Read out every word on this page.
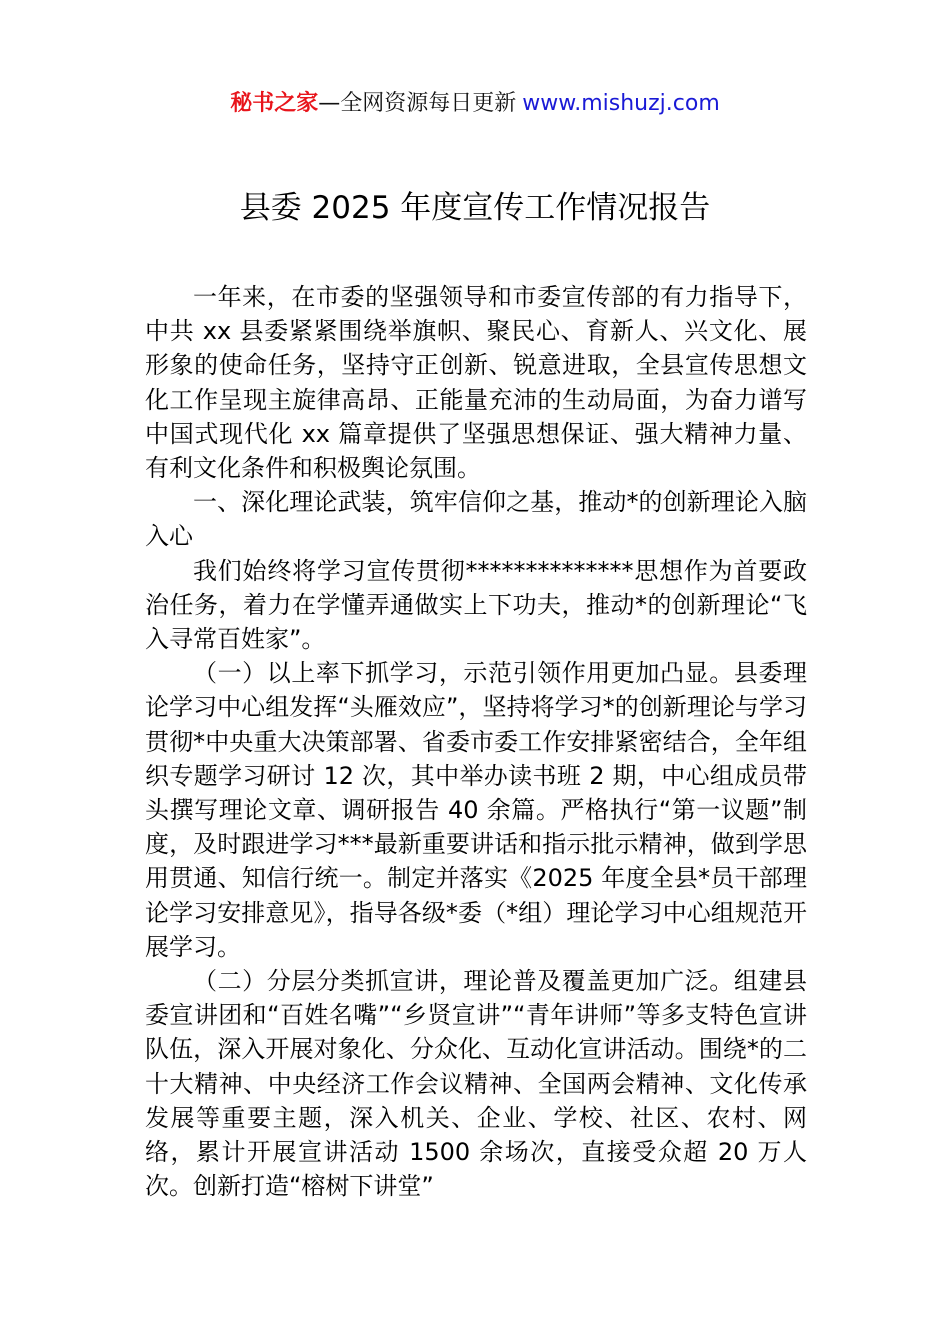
秘书之家—全网资源每日更新 www.mishuzj.com
县委 2025 年度宣传工作情况报告

一年来，在市委的坚强领导和市委宣传部的有力指导下，中共 xx 县委紧紧围绕举旗帜、聚民心、育新人、兴文化、展形象的使命任务，坚持守正创新、锐意进取，全县宣传思想文化工作呈现主旋律高昂、正能量充沛的生动局面，为奋力谱写中国式现代化 xx 篇章提供了坚强思想保证、强大精神力量、有利文化条件和积极舆论氛围。

一、深化理论武装，筑牢信仰之基，推动*的创新理论入脑入心

我们始终将学习宣传贯彻**************思想作为首要政治任务，着力在学懂弄通做实上下功夫，推动*的创新理论“飞入寻常百姓家”。

（一）以上率下抓学习，示范引领作用更加凸显。县委理论学习中心组发挥“头雁效应”，坚持将学习*的创新理论与学习贯彻*中央重大决策部署、省委市委工作安排紧密结合，全年组织专题学习研讨 12 次，其中举办读书班 2 期，中心组成员带头撰写理论文章、调研报告 40 余篇。严格执行“第一议题”制度，及时跟进学习***最新重要讲话和指示批示精神，做到学思用贯通、知信行统一。制定并落实《2025 年度全县*员干部理论学习安排意见》，指导各级*委（*组）理论学习中心组规范开展学习。

（二）分层分类抓宣讲，理论普及覆盖更加广泛。组建县委宣讲团和“百姓名嘴”“乡贤宣讲”“青年讲师”等多支特色宣讲队伍，深入开展对象化、分众化、互动化宣讲活动。围绕*的二十大精神、中央经济工作会议精神、全国两会精神、文化传承发展等重要主题，深入机关、企业、学校、社区、农村、网络，累计开展宣讲活动 1500 余场次，直接受众超 20 万人次。创新打造“榕树下讲堂”
